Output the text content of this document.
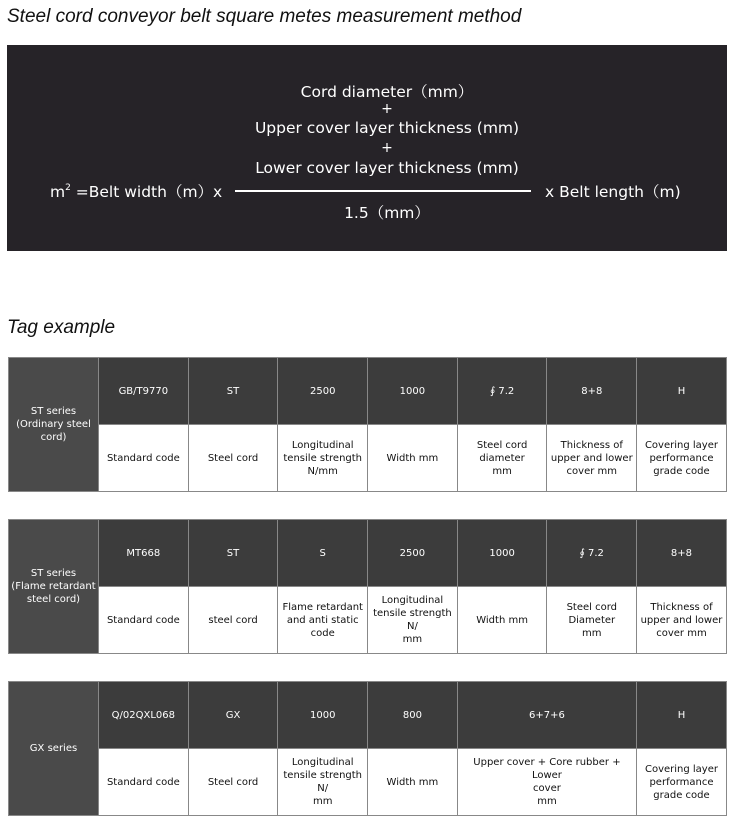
Steel cord conveyor belt square metes measurement method
Cord diameter（mm）
+
Upper cover layer thickness (mm)
+
Lower cover layer thickness (mm)
1.5（mm）
$m^2$ =Belt width（m）x	x Belt length（m)
Tag example
ST series
(Ordinary steel
cord)	GB/T9770	ST	2500	1000	∮ 7.2	8+8	H
	Standard code	Steel cord	Longitudinal
tensile strength
N/mm	Width mm	Steel cord
diameter
mm	Thickness of
upper and lower
cover mm	Covering layer
performance
grade code
ST series
(Flame retardant
steel cord)	MT668	ST	S	2500	1000	∮ 7.2	8+8
	Standard code	steel cord	Flame retardant
and anti static
code	Longitudinal
tensile strength N/
mm	Width mm	Steel cord
Diameter
mm	Thickness of
upper and lower
cover mm
GX series	Q/02QXL068	GX	1000	800	6+7+6	H
	Standard code	Steel cord	Longitudinal
tensile strength N/
mm	Width mm	Upper cover + Core rubber + Lower
cover
mm	Covering layer
performance
grade code
